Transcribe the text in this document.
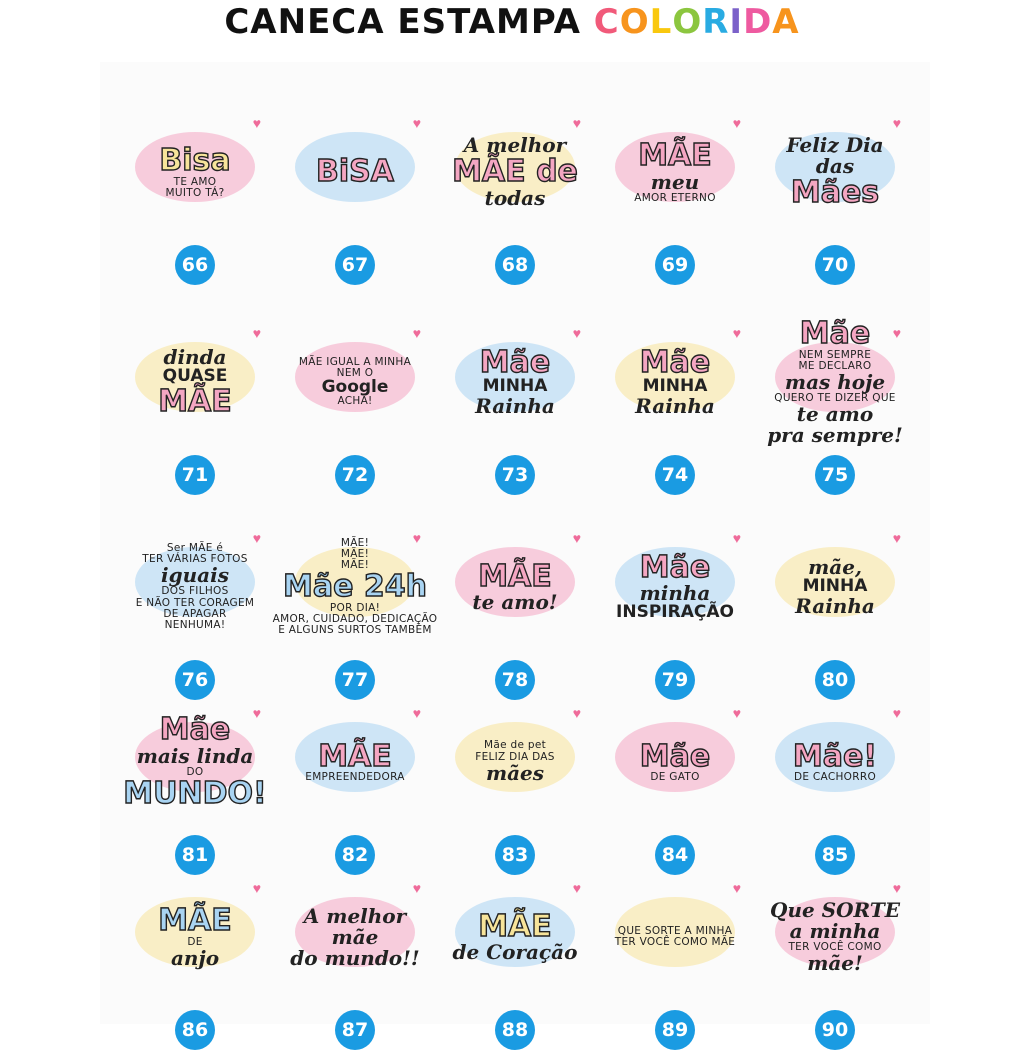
CANECA ESTAMPA COLORIDA
♥
Bisa
TE AMO
MUITO TÁ?
66
♥
BiSA
67
♥
A melhor
MÃE de
todas
68
♥
MÃE
meu
AMOR ETERNO
69
♥
Feliz Dia
das
Mães
70
♥
dinda
QUASE
MÃE
71
♥
MÃE IGUAL A MINHA
NEM O
Google
ACHA!
72
♥
Mãe
MINHA
Rainha
73
♥
Mãe
MINHA
Rainha
74
♥
Mãe
NEM SEMPRE
ME DECLARO
mas hoje
QUERO TE DIZER QUE
te amo
pra sempre!
75
♥
Ser MÃE é
TER VÁRIAS FOTOS
iguais
DOS FILHOS
E NÃO TER CORAGEM
DE APAGAR
NENHUMA!
76
♥
MÃE!
MÃE!
MÃE!
Mãe 24h
POR DIA!
AMOR, CUIDADO, DEDICAÇÃO
E ALGUNS SURTOS TAMBÉM
77
♥
MÃE
te amo!
78
♥
Mãe
minha
INSPIRAÇÃO
79
♥
mãe,
MINHA
Rainha
80
♥
Mãe
mais linda
DO
MUNDO!
81
♥
MÃE
EMPREENDEDORA
82
♥
Mãe de pet
FELIZ DIA DAS
mães
83
♥
Mãe
DE GATO
84
♥
Mãe!
DE CACHORRO
85
♥
MÃE
DE
anjo
86
♥
A melhor
mãe
do mundo!!
87
♥
MÃE
de Coração
88
♥
QUE SORTE A MINHA
TER VOCÊ COMO MÃE
89
♥
Que SORTE
a minha
TER VOCÊ COMO
mãe!
90
